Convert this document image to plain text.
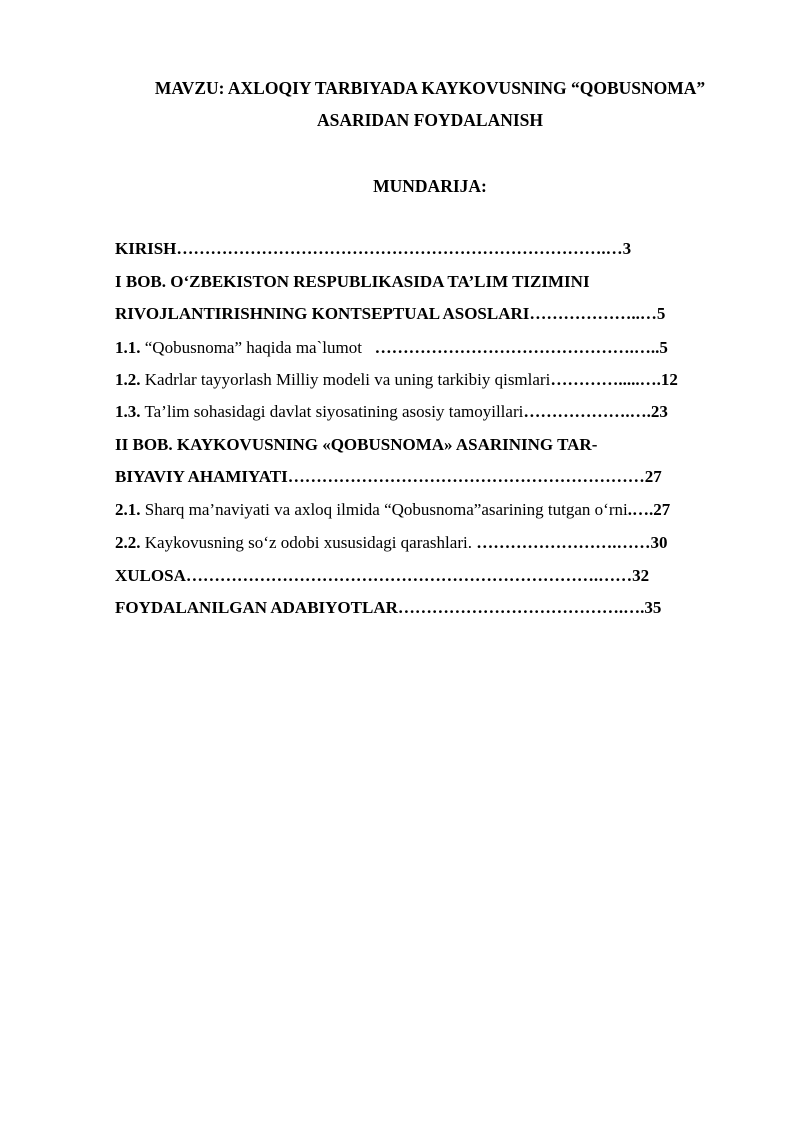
MAVZU: AXLOQIY TARBIYADA KAYKOVUSNING “QOBUSNOMA”
ASARIDAN FOYDALANISH
MUNDARIJA:
KIRISH………………………………………………………………….…3
I BOB. O‘ZBEKISTON RESPUBLIKASIDA TA’LIM TIZIMINI
RIVOJLANTIRISHNING KONTSEPTUAL ASOSLARI………………..…5
1.1. “Qobusnoma” haqida ma`lumot   ……………………………………….…..5
1.2. Kadrlar tayyorlash Milliy modeli va uning tarkibiy qismlari………….....….12
1.3. Ta’lim sohasidagi davlat siyosatining asosiy tamoyillari……………….….23
II BOB. KAYKOVUSNING «QOBUSNOMA» ASARINING TAR-
BIYAVIY AHAMIYATI………………………………………………………27
2.1. Sharq ma’naviyati va axloq ilmida “Qobusnoma”asarining tutgan o‘rni.….27
2.2. Kaykovusning so‘z odobi xususidagi qarashlari. …………………….……30
XULOSA……………………………………………………………….……32
FOYDALANILGAN ADABIYOTLAR………………………………….….35
